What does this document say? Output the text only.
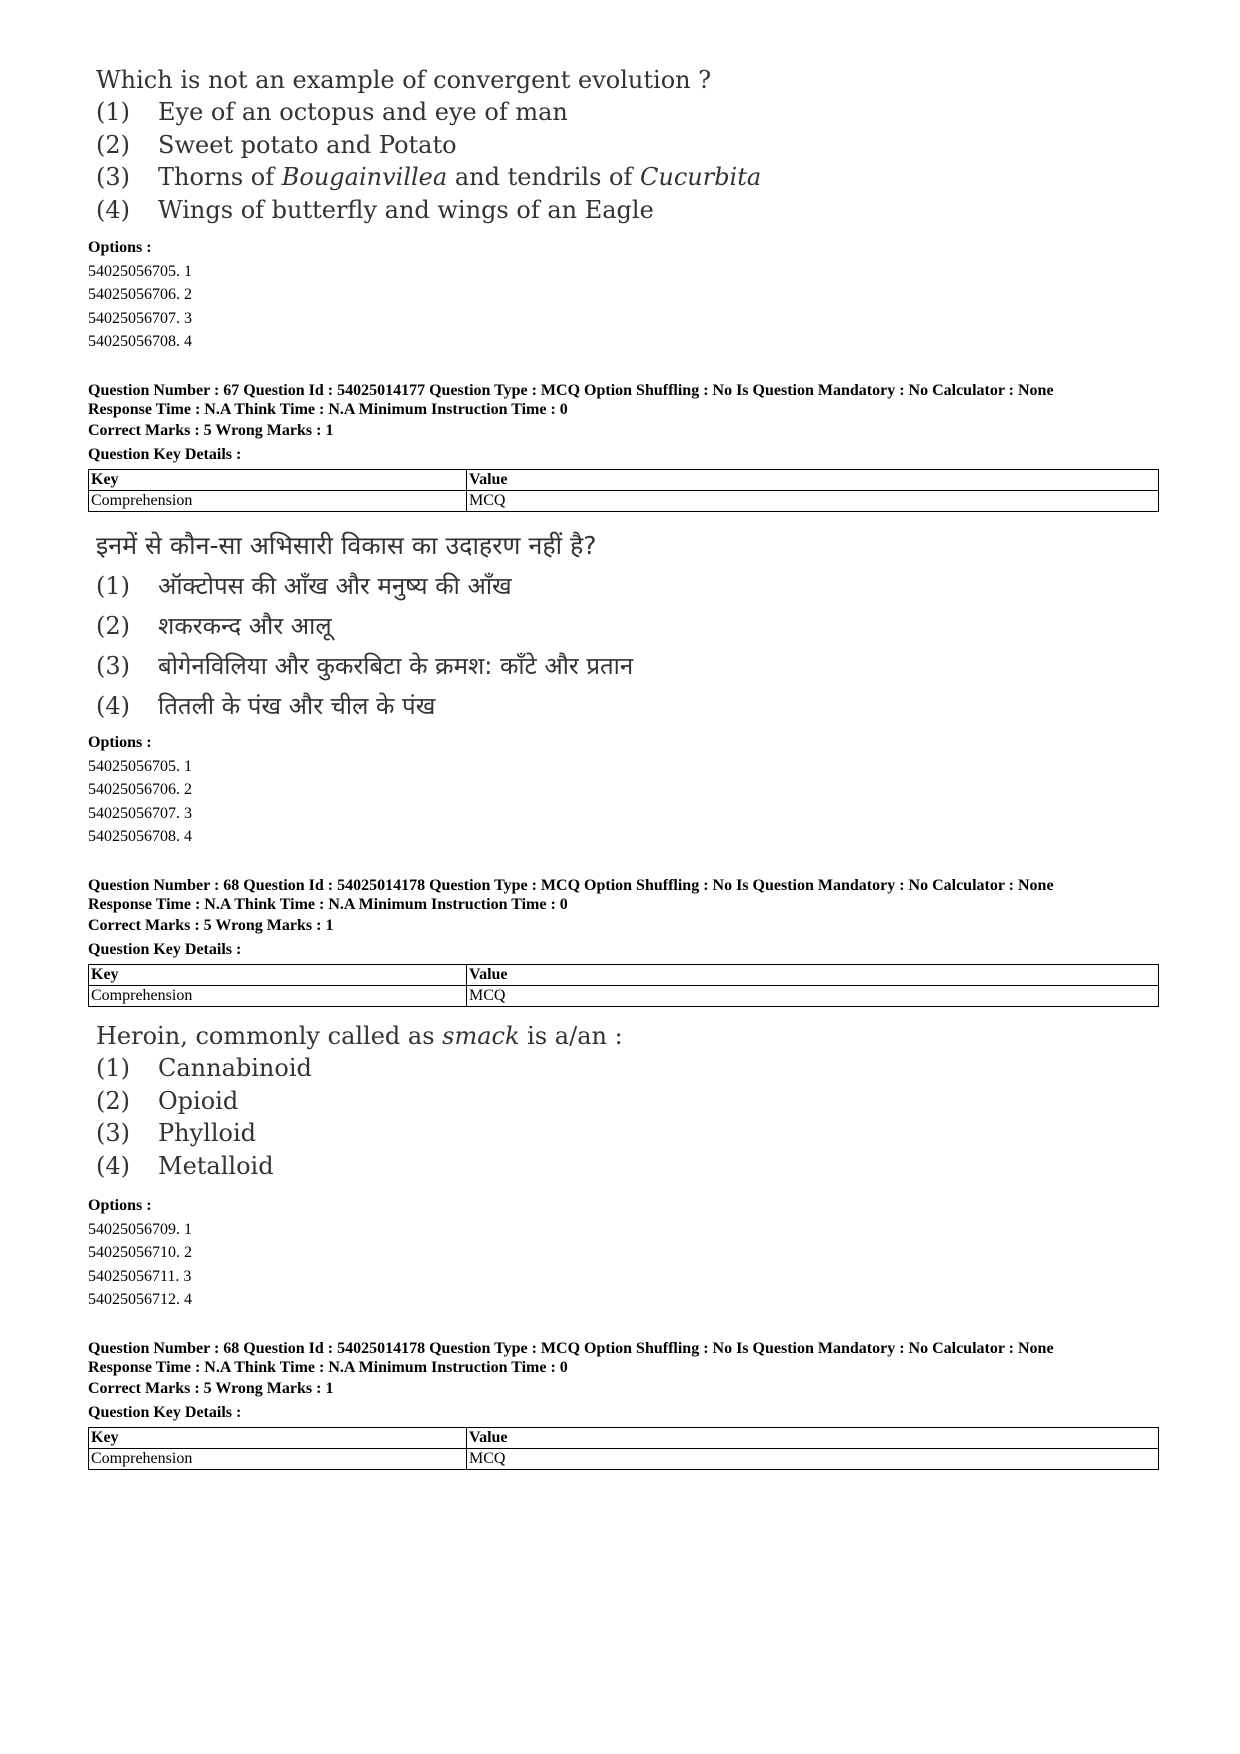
Which is not an example of convergent evolution ?
(1)	Eye of an octopus and eye of man
(2)	Sweet potato and Potato
(3)	Thorns of Bougainvillea and tendrils of Cucurbita
(4)	Wings of butterfly and wings of an Eagle
Options :
54025056705. 1
54025056706. 2
54025056707. 3
54025056708. 4
Question Number : 67 Question Id : 54025014177 Question Type : MCQ Option Shuffling : No Is Question Mandatory : No Calculator : None
Response Time : N.A Think Time : N.A Minimum Instruction Time : 0
Correct Marks : 5 Wrong Marks : 1
Question Key Details :
Key	Value
Comprehension	MCQ
इनमें से कौन-सा अभिसारी विकास का उदाहरण नहीं है?
(1)	ऑक्टोपस की आँख और मनुष्य की आँख
(2)	शकरकन्द और आलू
(3)	बोगेनविलिया और कुकरबिटा के क्रमश: काँटे और प्रतान
(4)	तितली के पंख और चील के पंख
Options :
54025056705. 1
54025056706. 2
54025056707. 3
54025056708. 4
Question Number : 68 Question Id : 54025014178 Question Type : MCQ Option Shuffling : No Is Question Mandatory : No Calculator : None
Response Time : N.A Think Time : N.A Minimum Instruction Time : 0
Correct Marks : 5 Wrong Marks : 1
Question Key Details :
Key	Value
Comprehension	MCQ
Heroin, commonly called as smack is a/an :
(1)	Cannabinoid
(2)	Opioid
(3)	Phylloid
(4)	Metalloid
Options :
54025056709. 1
54025056710. 2
54025056711. 3
54025056712. 4
Question Number : 68 Question Id : 54025014178 Question Type : MCQ Option Shuffling : No Is Question Mandatory : No Calculator : None
Response Time : N.A Think Time : N.A Minimum Instruction Time : 0
Correct Marks : 5 Wrong Marks : 1
Question Key Details :
Key	Value
Comprehension	MCQ
